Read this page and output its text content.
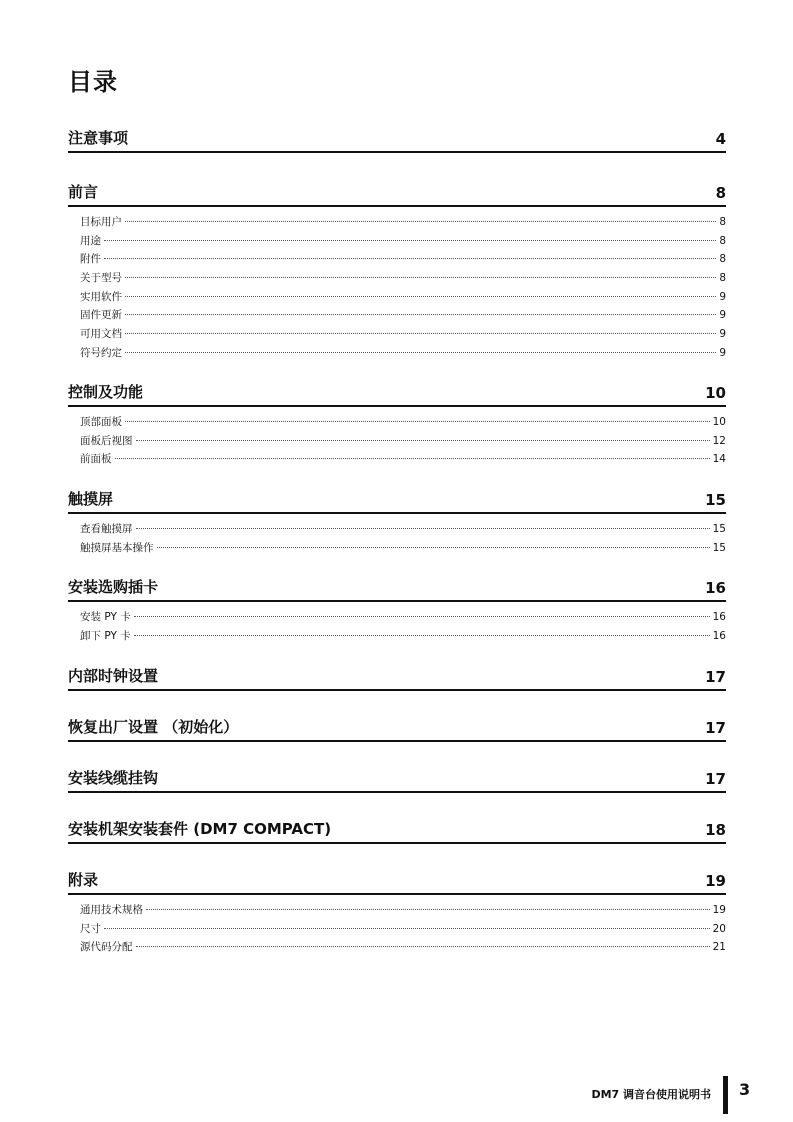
目录
注意事项	4
前言	8
目标用户	8
用途	8
附件	8
关于型号	8
实用软件	9
固件更新	9
可用文档	9
符号约定	9
控制及功能	10
顶部面板	10
面板后视图	12
前面板	14
触摸屏	15
查看触摸屏	15
触摸屏基本操作	15
安装选购插卡	16
安装 PY 卡	16
卸下 PY 卡	16
内部时钟设置	17
恢复出厂设置 （初始化）	17
安装线缆挂钩	17
安装机架安装套件 (DM7 COMPACT)	18
附录	19
通用技术规格	19
尺寸	20
源代码分配	21
DM7 调音台使用说明书 3
